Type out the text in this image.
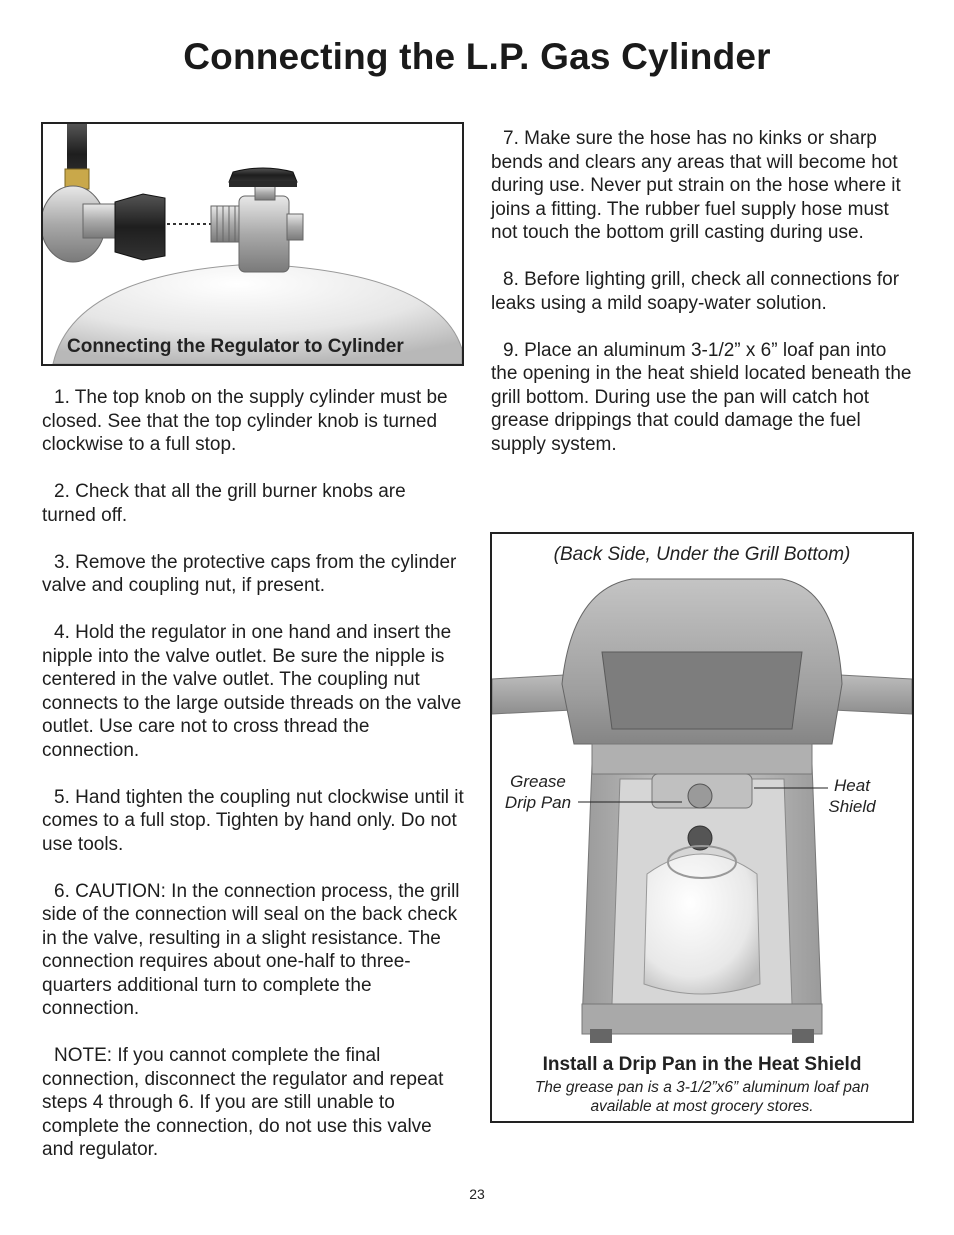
Connecting the L.P. Gas Cylinder
Connecting the Regulator to Cylinder

1. The top knob on the supply cylinder must be closed. See that the top cylinder knob is turned clockwise to a full stop.

2. Check that all the grill burner knobs are turned off.

3. Remove the protective caps from the cylinder valve and coupling nut, if present.

4. Hold the regulator in one hand and insert the nipple into the valve outlet. Be sure the nipple is centered in the valve outlet. The coupling nut connects to the large outside threads on the valve outlet. Use care not to cross thread the connection.

5. Hand tighten the coupling nut clockwise until it comes to a full stop. Tighten by hand only. Do not use tools.

6. CAUTION: In the connection process, the grill side of the connection will seal on the back check in the valve, resulting in a slight resistance. The connection requires about one-half to three-quarters additional turn to complete the connection.

NOTE: If you cannot complete the final connection, disconnect the regulator and repeat steps 4 through 6. If you are still unable to complete the connection, do not use this valve and regulator.

7. Make sure the hose has no kinks or sharp bends and clears any areas that will become hot during use. Never put strain on the hose where it joins a fitting. The rubber fuel supply hose must not touch the bottom grill casting during use.

8. Before lighting grill, check all connections for leaks using a mild soapy-water solution.

9. Place an aluminum 3-1/2” x 6” loaf pan into the opening in the heat shield located beneath the grill bottom. During use the pan will catch hot grease drippings that could damage the fuel supply system.

(Back Side, Under the Grill Bottom)
Grease
Drip Pan
Heat
Shield
Install a Drip Pan in the Heat Shield
The grease pan is a 3-1/2”x6” aluminum loaf pan available at most grocery stores.
23
